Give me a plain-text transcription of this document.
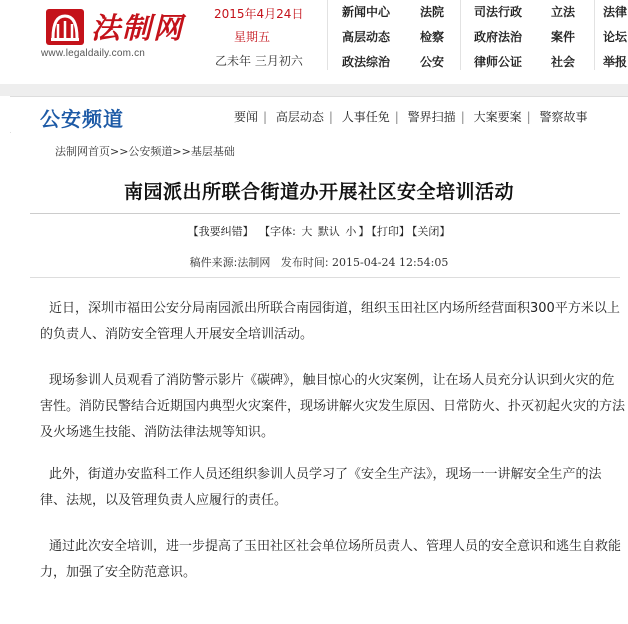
法制网
www.legaldaily.com.cn
2015年4月24日
星期五
乙未年 三月初六
新闻中心
高层动态
政法综治
法院
检察
公安
司法行政
政府法治
律师公证
立法
案件
社会
法律
论坛
举报
公安频道	要闻 | 高层动态 | 人事任免 | 警界扫描 | 大案要案 | 警察故事
法制网首页>>公安频道>>基层基础
南园派出所联合街道办开展社区安全培训活动
【我要纠错】 【字体: 大 默认 小 】 【打印】 【关闭】
稿件来源:法制网 发布时间: 2015-04-24 12:54:05

近日，深圳市福田公安分局南园派出所联合南园街道，组织玉田社区内场所经营面积300平方米以上的负责人、消防安全管理人开展安全培训活动。

现场参训人员观看了消防警示影片《碳碑》，触目惊心的火灾案例，让在场人员充分认识到火灾的危害性。消防民警结合近期国内典型火灾案件，现场讲解火灾发生原因、日常防火、扑灭初起火灾的方法及火场逃生技能、消防法律法规等知识。

此外，街道办安监科工作人员还组织参训人员学习了《安全生产法》，现场一一讲解安全生产的法律、法规，以及管理负责人应履行的责任。

通过此次安全培训，进一步提高了玉田社区社会单位场所员责人、管理人员的安全意识和逃生自救能力，加强了安全防范意识。
